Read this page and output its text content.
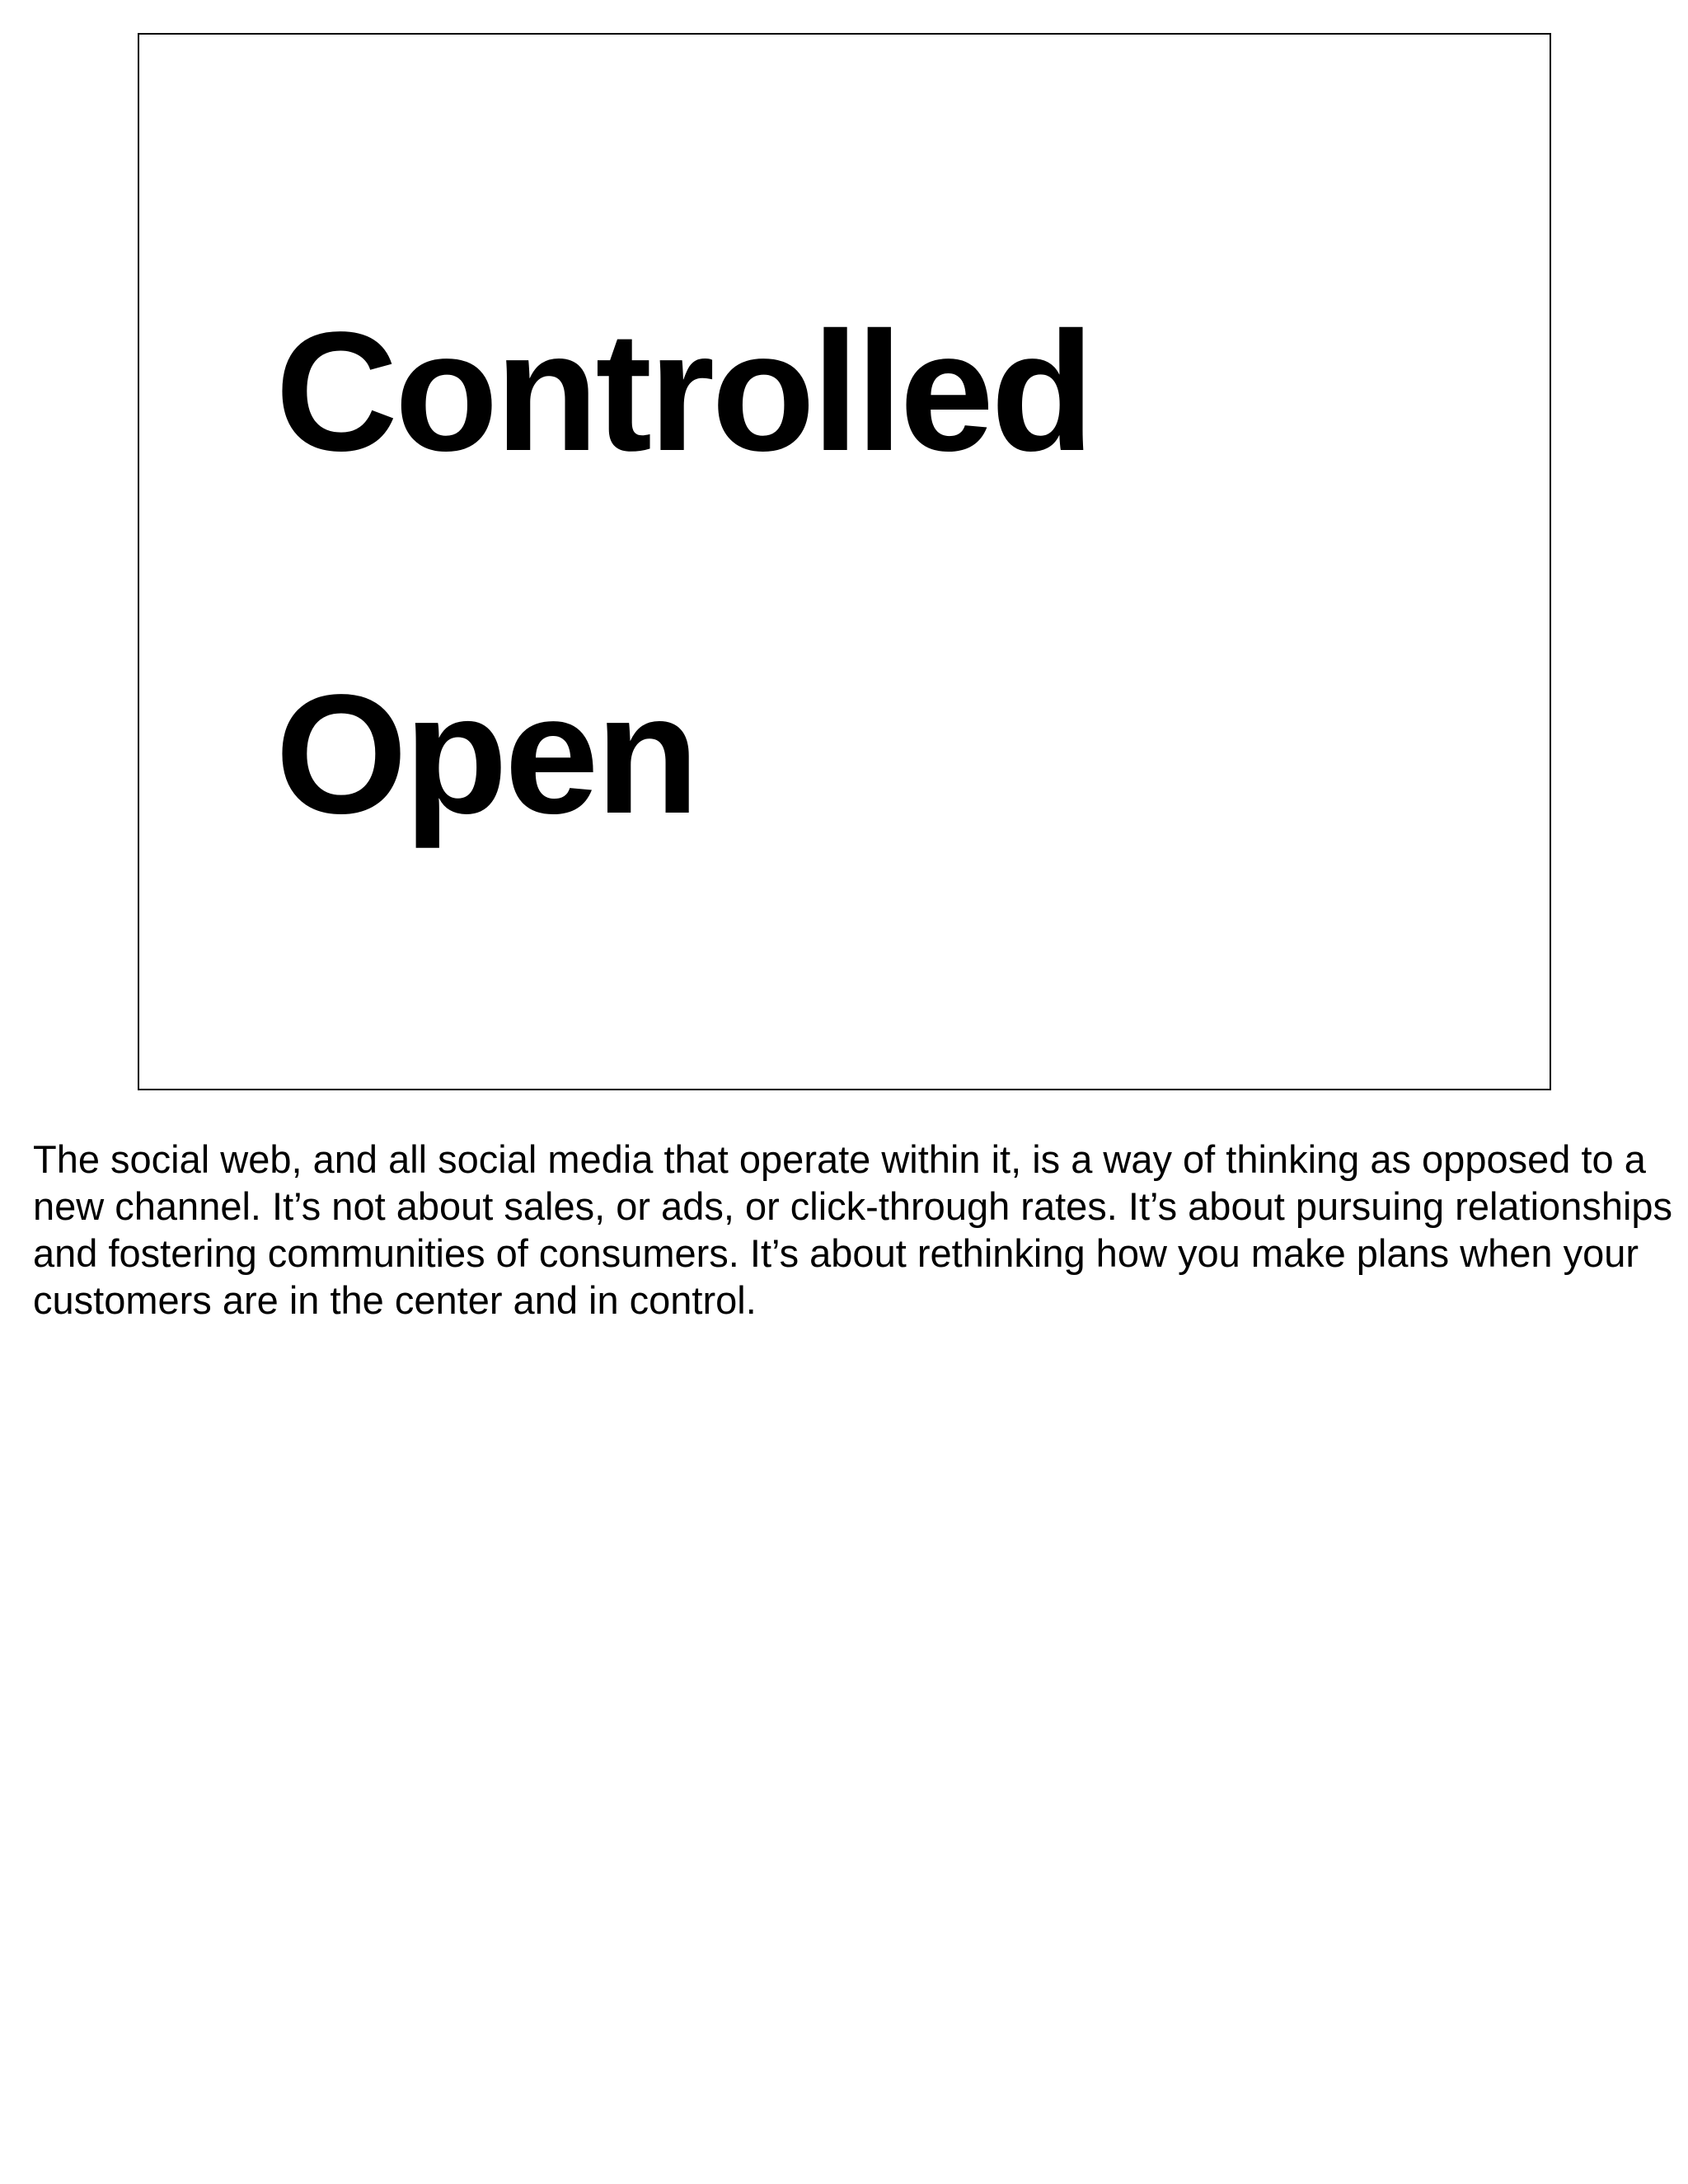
Controlled
Open

The social web, and all social media that operate within it, is a way of thinking as opposed to a new channel. It’s not about sales, or ads, or click-through rates. It’s about pursuing relationships and fostering communities of consumers. It’s about rethinking how you make plans when your customers are in the center and in control.
